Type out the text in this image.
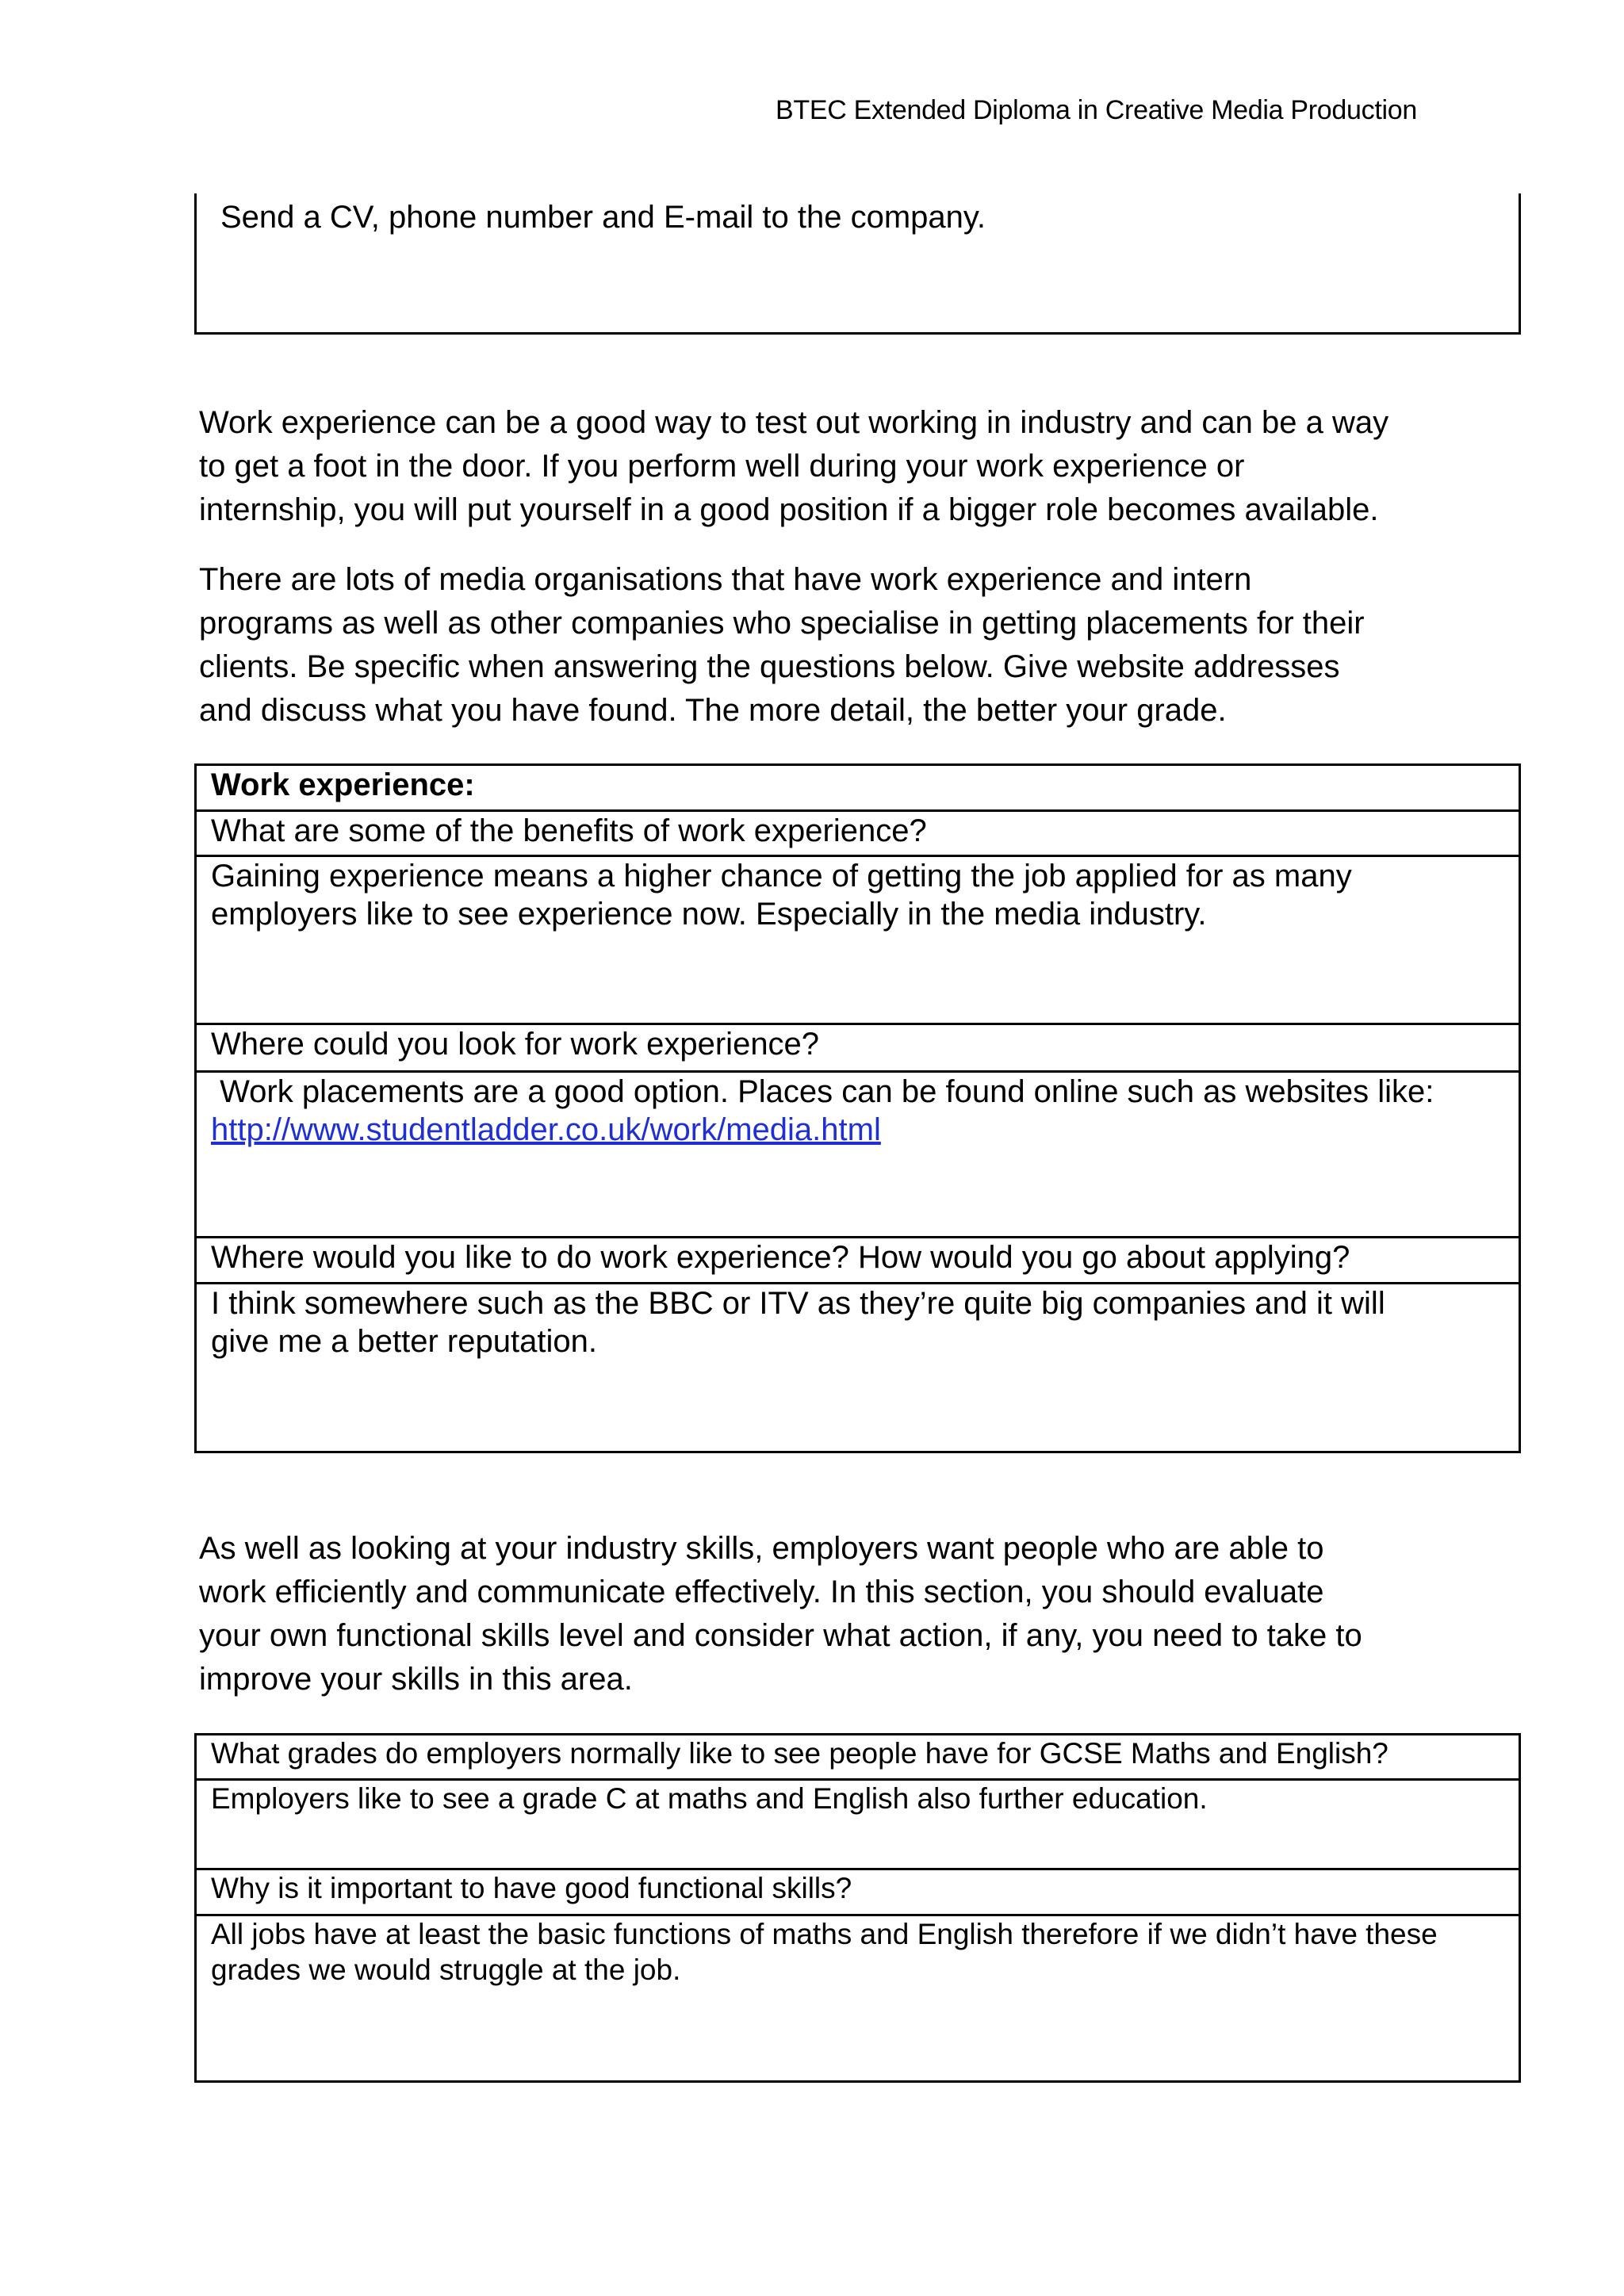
BTEC Extended Diploma in Creative Media Production
Send a CV, phone number and E-mail to the company.
Work experience can be a good way to test out working in industry and can be a way
to get a foot in the door. If you perform well during your work experience or
internship, you will put yourself in a good position if a bigger role becomes available.
There are lots of media organisations that have work experience and intern
programs as well as other companies who specialise in getting placements for their
clients. Be specific when answering the questions below. Give website addresses
and discuss what you have found. The more detail, the better your grade.
Work experience:
What are some of the benefits of work experience?
Gaining experience means a higher chance of getting the job applied for as many
employers like to see experience now. Especially in the media industry.
Where could you look for work experience?

Work placements are a good option. Places can be found online such as websites like:
http://www.studentladder.co.uk/work/media.html
Where would you like to do work experience? How would you go about applying?
I think somewhere such as the BBC or ITV as they’re quite big companies and it will
give me a better reputation.
As well as looking at your industry skills, employers want people who are able to
work efficiently and communicate effectively. In this section, you should evaluate
your own functional skills level and consider what action, if any, you need to take to
improve your skills in this area.
What grades do employers normally like to see people have for GCSE Maths and English?
Employers like to see a grade C at maths and English also further education.
Why is it important to have good functional skills?
All jobs have at least the basic functions of maths and English therefore if we didn’t have these
grades we would struggle at the job.
